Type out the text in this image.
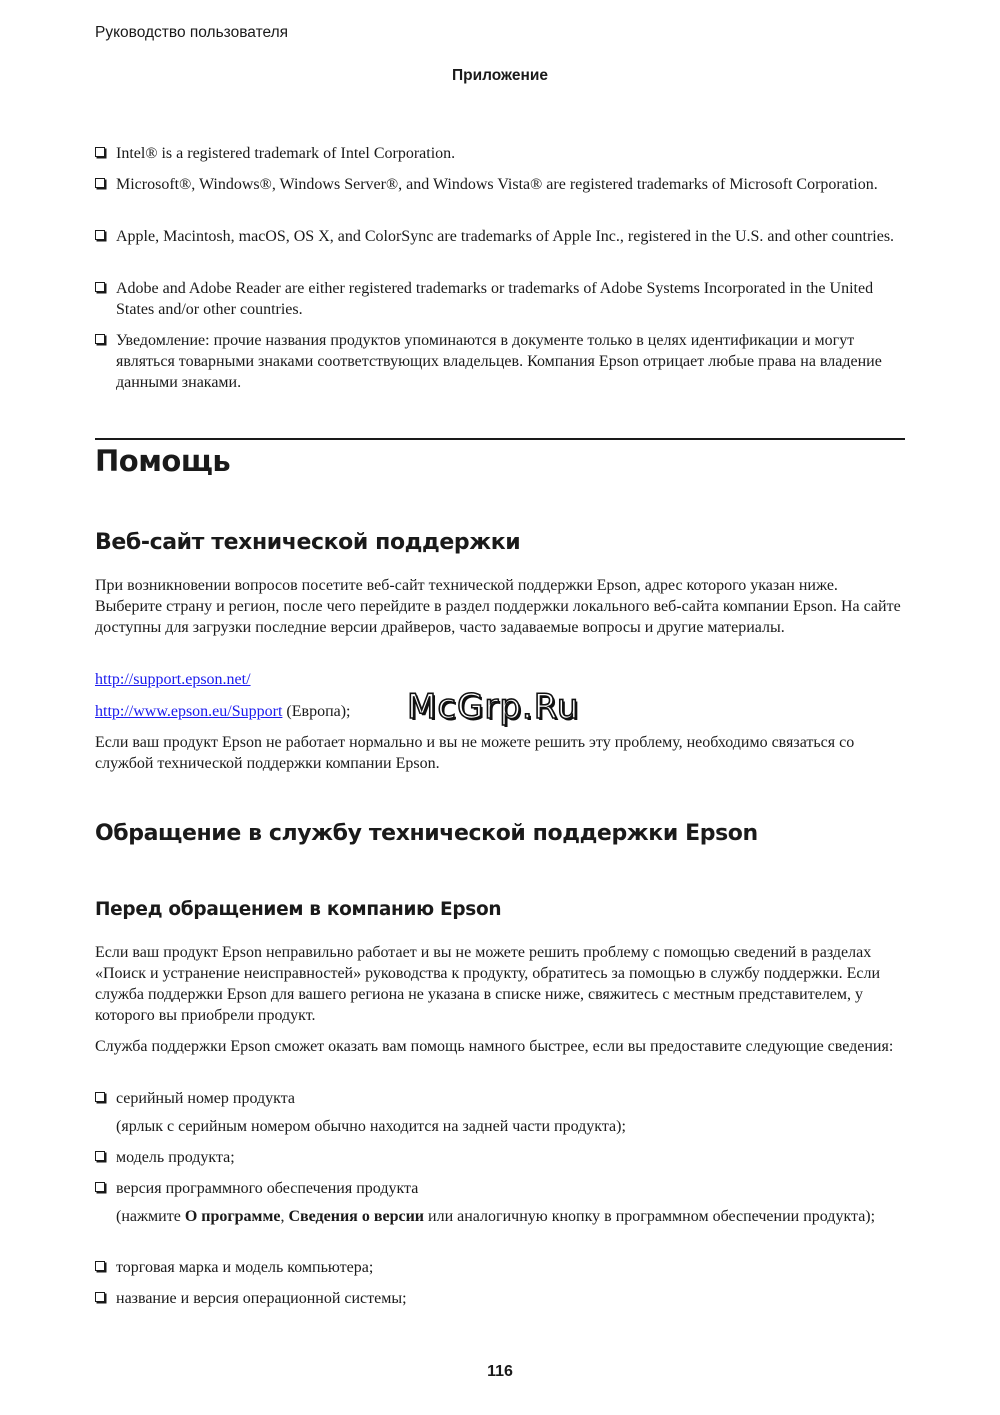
Руководство пользователя
Приложение
Intel® is a registered trademark of Intel Corporation.
Microsoft®, Windows®, Windows Server®, and Windows Vista® are registered trademarks of Microsoft Corporation.
Apple, Macintosh, macOS, OS X, and ColorSync are trademarks of Apple Inc., registered in the U.S. and other countries.
Adobe and Adobe Reader are either registered trademarks or trademarks of Adobe Systems Incorporated in the United States and/or other countries.
Уведомление: прочие названия продуктов упоминаются в документе только в целях идентификации и могут являться товарными знаками соответствующих владельцев. Компания Epson отрицает любые права на владение данными знаками.
Помощь
Веб-сайт технической поддержки

При возникновении вопросов посетите веб-сайт технической поддержки Epson, адрес которого указан ниже. Выберите страну и регион, после чего перейдите в раздел поддержки локального веб-сайта компании Epson. На сайте доступны для загрузки последние версии драйверов, часто задаваемые вопросы и другие материалы.

http://support.epson.net/

http://www.epson.eu/Support (Европа);

Если ваш продукт Epson не работает нормально и вы не можете решить эту проблему, необходимо связаться со службой технической поддержки компании Epson.

Обращение в службу технической поддержки Epson
Перед обращением в компанию Epson

Если ваш продукт Epson неправильно работает и вы не можете решить проблему с помощью сведений в разделах «Поиск и устранение неисправностей» руководства к продукту, обратитесь за помощью в службу поддержки. Если служба поддержки Epson для вашего региона не указана в списке ниже, свяжитесь с местным представителем, у которого вы приобрели продукт.

Служба поддержки Epson сможет оказать вам помощь намного быстрее, если вы предоставите следующие сведения:

серийный номер продукта

(ярлык с серийным номером обычно находится на задней части продукта);

модель продукта;
версия программного обеспечения продукта

(нажмите О программе, Сведения о версии или аналогичную кнопку в программном обеспечении продукта);

торговая марка и модель компьютера;
название и версия операционной системы;
McGrp.Ru
116
